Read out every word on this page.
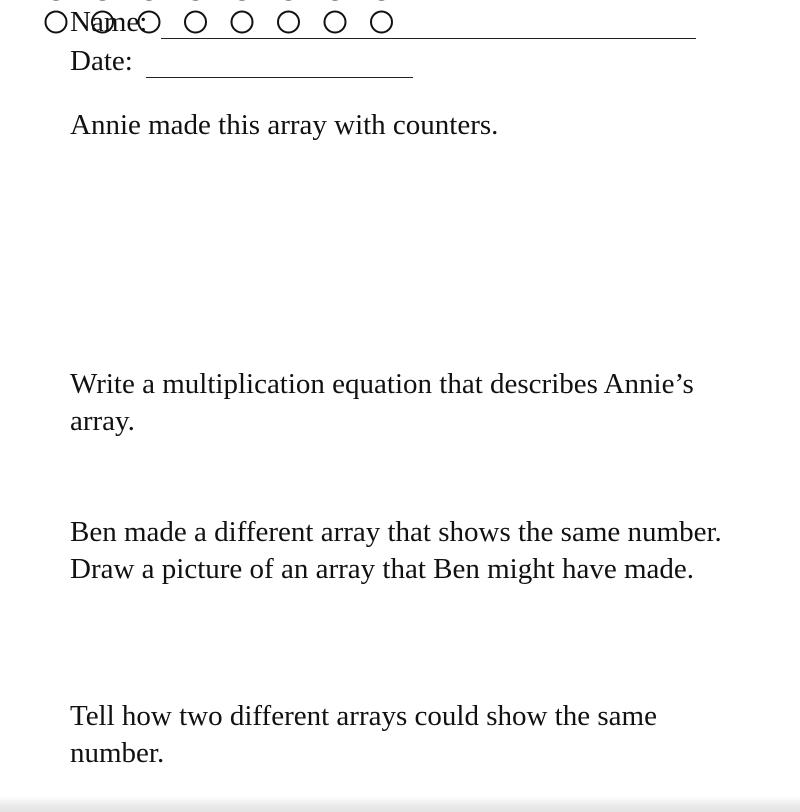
Name:
Date:

Annie made this array with counters.

Write a multiplication equation that describes Annie’s array.

Ben made a different array that shows the same number. Draw a picture of an array that Ben might have made.

Tell how two different arrays could show the same number.
